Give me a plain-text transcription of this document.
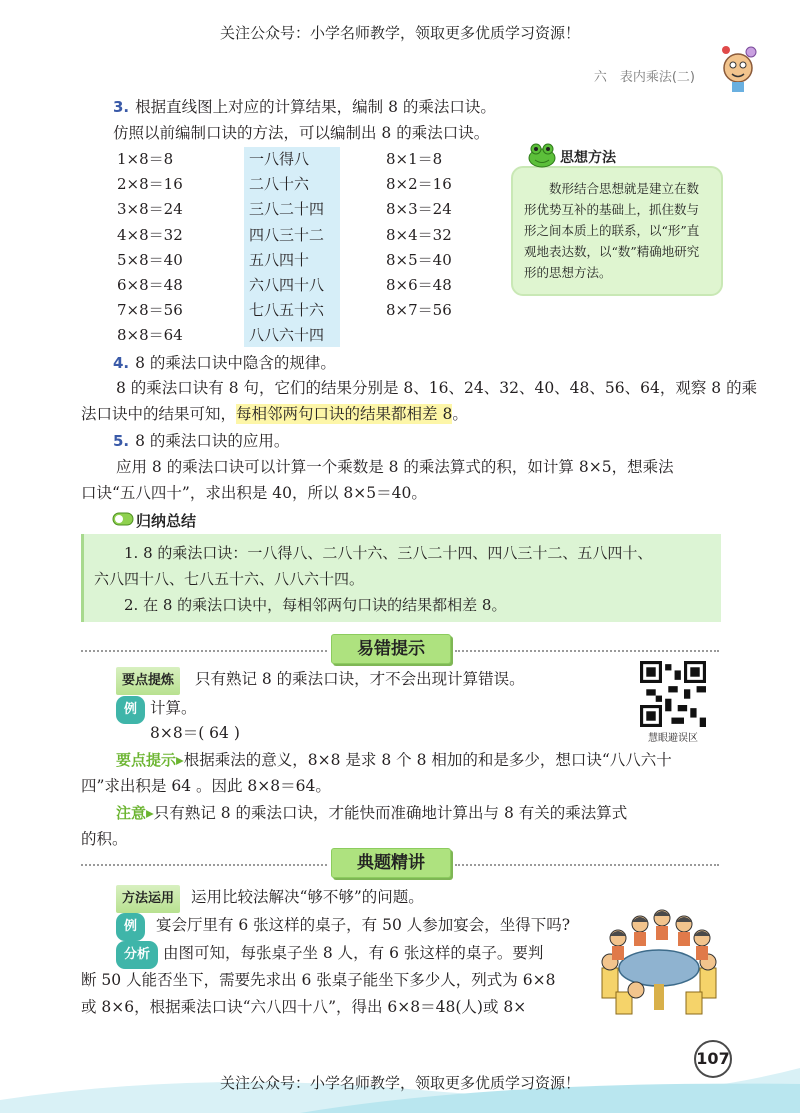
关注公众号：小学名师教学，领取更多优质学习资源！
六　表内乘法(二)
3. 根据直线图上对应的计算结果，编制 8 的乘法口诀。
仿照以前编制口诀的方法，可以编制出 8 的乘法口诀。
1×8＝8
2×8＝16
3×8＝24
4×8＝32
5×8＝40
6×8＝48
7×8＝56
8×8＝64
一八得八
二八十六
三八二十四
四八三十二
五八四十
六八四十八
七八五十六
八八六十四
8×1＝8
8×2＝16
8×3＝24
8×4＝32
8×5＝40
8×6＝48
8×7＝56
思想方法
数形结合思想就是建立在数形优势互补的基础上，抓住数与形之间本质上的联系，以“形”直观地表达数，以“数”精确地研究形的思想方法。
4. 8 的乘法口诀中隐含的规律。
8 的乘法口诀有 8 句，它们的结果分别是 8、16、24、32、40、48、56、64，观察 8 的乘
法口诀中的结果可知，每相邻两句口诀的结果都相差 8。
5. 8 的乘法口诀的应用。
应用 8 的乘法口诀可以计算一个乘数是 8 的乘法算式的积，如计算 8×5，想乘法
口诀“五八四十”，求出积是 40，所以 8×5＝40。
归纳总结
1. 8 的乘法口诀：一八得八、二八十六、三八二十四、四八三十二、五八四十、
六八四十八、七八五十六、八八六十四。
2. 在 8 的乘法口诀中，每相邻两句口诀的结果都相差 8。
易错提示
要点提炼 只有熟记 8 的乘法口诀，才不会出现计算错误。
例 计算。
8×8＝( 64 )	慧眼避误区
要点提示▸根据乘法的意义，8×8 是求 8 个 8 相加的和是多少，想口诀“八八六十
四”求出积是 64 。因此 8×8＝64。
注意▸只有熟记 8 的乘法口诀，才能快而准确地计算出与 8 有关的乘法算式
的积。
典题精讲
方法运用 运用比较法解决“够不够”的问题。
例 宴会厅里有 6 张这样的桌子，有 50 人参加宴会，坐得下吗?
分析 由图可知，每张桌子坐 8 人，有 6 张这样的桌子。要判
断 50 人能否坐下，需要先求出 6 张桌子能坐下多少人，列式为 6×8
或 8×6，根据乘法口诀“六八四十八”，得出 6×8＝48(人)或 8×
107
关注公众号：小学名师教学，领取更多优质学习资源！
